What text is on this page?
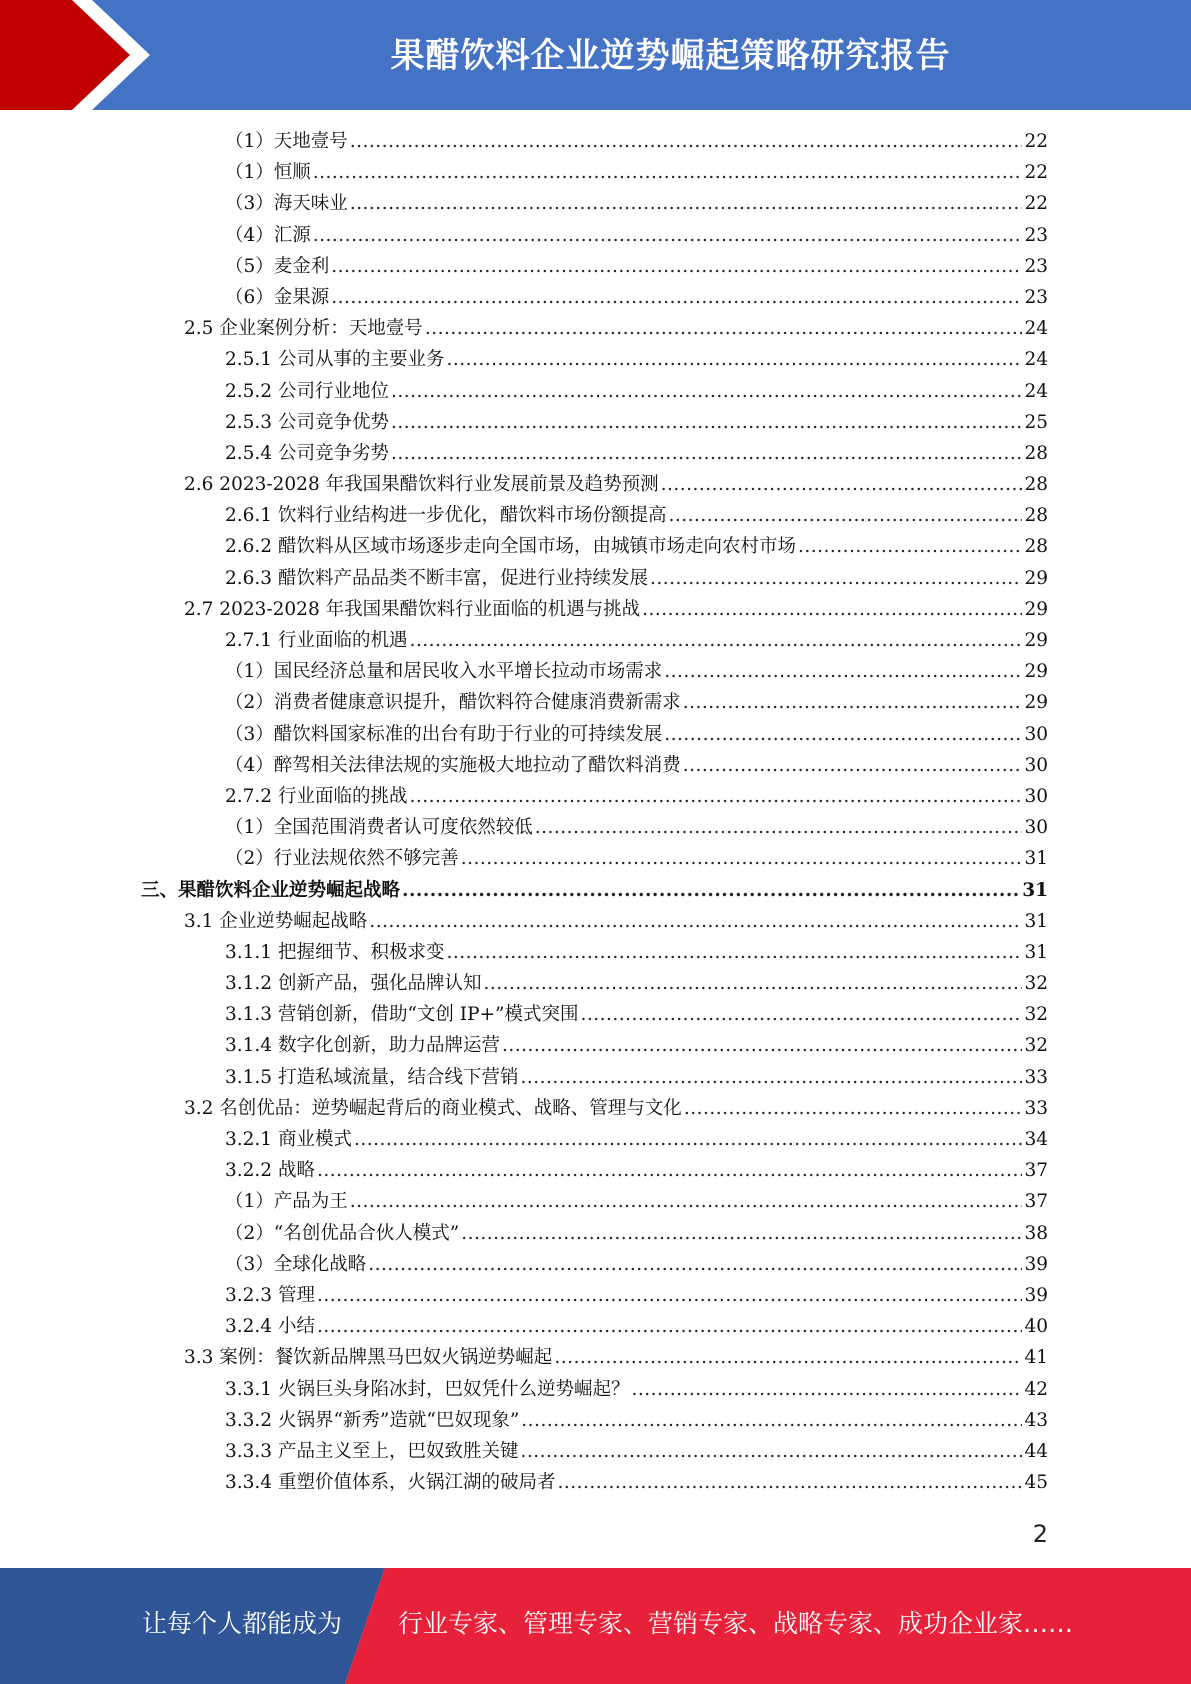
果醋饮料企业逆势崛起策略研究报告
（1）天地壹号 .....	22
（1）恒顺 .....	22
（3）海天味业 .....	22
（4）汇源 .....	23
（5）麦金利 .....	23
（6）金果源 .....	23
2.5 企业案例分析：天地壹号 .....	24
2.5.1 公司从事的主要业务 .....	24
2.5.2 公司行业地位 .....	24
2.5.3 公司竞争优势 .....	25
2.5.4 公司竞争劣势 .....	28
2.6 2023-2028 年我国果醋饮料行业发展前景及趋势预测 .....	28
2.6.1 饮料行业结构进一步优化，醋饮料市场份额提高 .....	28
2.6.2 醋饮料从区域市场逐步走向全国市场，由城镇市场走向农村市场 .....	28
2.6.3 醋饮料产品品类不断丰富，促进行业持续发展 .....	29
2.7 2023-2028 年我国果醋饮料行业面临的机遇与挑战 .....	29
2.7.1 行业面临的机遇 .....	29
（1）国民经济总量和居民收入水平增长拉动市场需求 .....	29
（2）消费者健康意识提升，醋饮料符合健康消费新需求 .....	29
（3）醋饮料国家标准的出台有助于行业的可持续发展 .....	30
（4）醉驾相关法律法规的实施极大地拉动了醋饮料消费 .....	30
2.7.2 行业面临的挑战 .....	30
（1）全国范围消费者认可度依然较低 .....	30
（2）行业法规依然不够完善 .....	31
三、果醋饮料企业逆势崛起战略 .....	31
3.1 企业逆势崛起战略 .....	31
3.1.1 把握细节、积极求变 .....	31
3.1.2 创新产品，强化品牌认知 .....	32
3.1.3 营销创新，借助“文创 IP+”模式突围 .....	32
3.1.4 数字化创新，助力品牌运营 .....	32
3.1.5 打造私域流量，结合线下营销 .....	33
3.2 名创优品：逆势崛起背后的商业模式、战略、管理与文化 .....	33
3.2.1 商业模式 .....	34
3.2.2 战略 .....	37
（1）产品为王 .....	37
（2）“名创优品合伙人模式” .....	38
（3）全球化战略 .....	39
3.2.3 管理 .....	39
3.2.4 小结 .....	40
3.3 案例：餐饮新品牌黑马巴奴火锅逆势崛起 .....	41
3.3.1 火锅巨头身陷冰封，巴奴凭什么逆势崛起？ .....	42
3.3.2 火锅界“新秀”造就“巴奴现象” .....	43
3.3.3 产品主义至上，巴奴致胜关键 .....	44
3.3.4 重塑价值体系，火锅江湖的破局者 .....	45
2
让每个人都能成为 行业专家、管理专家、营销专家、战略专家、成功企业家……
